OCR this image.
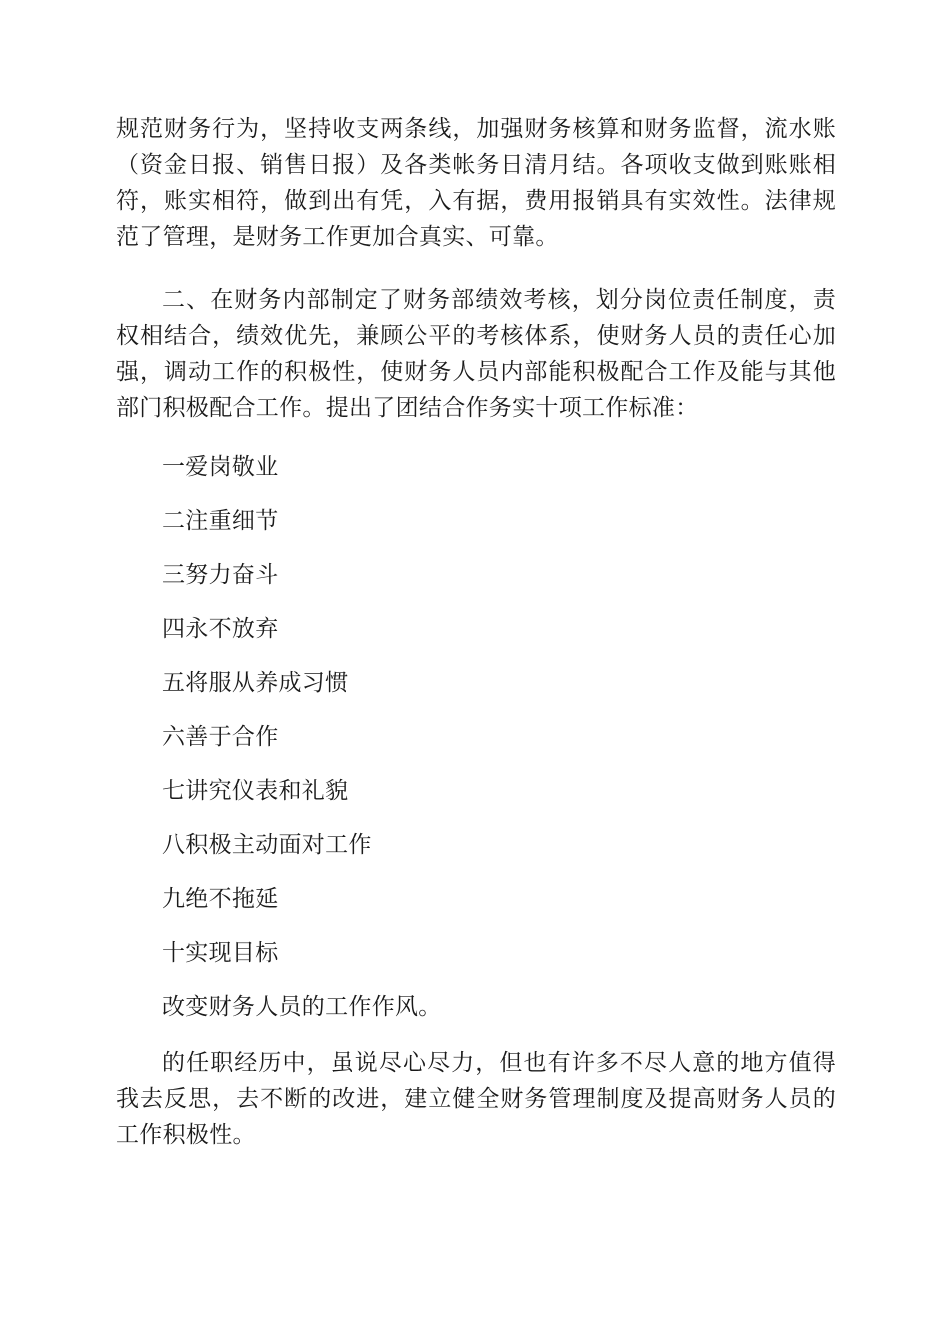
规范财务行为，坚持收支两条线，加强财务核算和财务监督，流水账（资金日报、销售日报）及各类帐务日清月结。各项收支做到账账相符，账实相符，做到出有凭，入有据，费用报销具有实效性。法律规范了管理，是财务工作更加合真实、可靠。

二、在财务内部制定了财务部绩效考核，划分岗位责任制度，责权相结合，绩效优先，兼顾公平的考核体系，使财务人员的责任心加强，调动工作的积极性，使财务人员内部能积极配合工作及能与其他部门积极配合工作。提出了团结合作务实十项工作标准：

一爱岗敬业

二注重细节

三努力奋斗

四永不放弃

五将服从养成习惯

六善于合作

七讲究仪表和礼貌

八积极主动面对工作

九绝不拖延

十实现目标

改变财务人员的工作作风。

的任职经历中，虽说尽心尽力，但也有许多不尽人意的地方值得我去反思，去不断的改进，建立健全财务管理制度及提高财务人员的工作积极性。
